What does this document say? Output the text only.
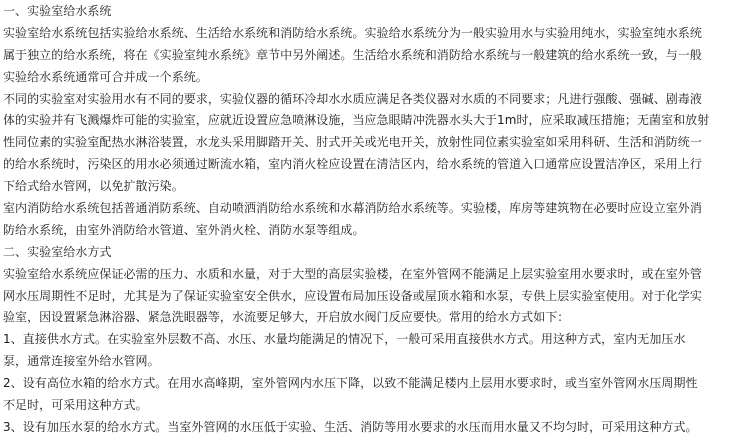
一、实验室给水系统
实验室给水系统包括实验给水系统、生活给水系统和消防给水系统。实验给水系统分为一般实验用水与实验用纯水，实验室纯水系统
属于独立的给水系统，将在《实验室纯水系统》章节中另外阐述。生活给水系统和消防给水系统与一般建筑的给水系统一致，与一般
实验给水系统通常可合并成一个系统。
不同的实验室对实验用水有不同的要求，实验仪器的循环冷却水水质应满足各类仪器对水质的不同要求；凡进行强酸、强碱、剧毒液
体的实验并有飞溅爆炸可能的实验室，应就近设置应急喷淋设施，当应急眼睛冲洗器水头大于1m时，应采取减压措施；无菌室和放射
性同位素的实验室配热水淋浴装置，水龙头采用脚踏开关、肘式开关或光电开关，放射性同位素实验室如采用科研、生活和消防统一
的给水系统时，污染区的用水必须通过断流水箱，室内消火栓应设置在清洁区内，给水系统的管道入口通常应设置洁净区，采用上行
下给式给水管网，以免扩散污染。
室内消防给水系统包括普通消防系统、自动喷洒消防给水系统和水幕消防给水系统等。实验楼，库房等建筑物在必要时应设立室外消
防给水系统，由室外消防给水管道、室外消火栓、消防水泵等组成。
二、实验室给水方式
实验室给水系统应保证必需的压力、水质和水量，对于大型的高层实验楼，在室外管网不能满足上层实验室用水要求时，或在室外管
网水压周期性不足时，尤其是为了保证实验室安全供水，应设置布局加压设备或屋顶水箱和水泵，专供上层实验室使用。对于化学实
验室，因设置紧急淋浴器、紧急洗眼器等，水流要足够大，开启放水阀门反应要快。常用的给水方式如下：
1、直接供水方式。在实验室外层数不高、水压、水量均能满足的情况下，一般可采用直接供水方式。用这种方式，室内无加压水
泵，通常连接室外给水管网。
2、设有高位水箱的给水方式。在用水高峰期，室外管网内水压下降，以致不能满足楼内上层用水要求时，或当室外管网水压周期性
不足时，可采用这种方式。
3、设有加压水泵的给水方式。当室外管网的水压低于实验、生活、消防等用水要求的水压而用水量又不均匀时，可采用这种方式。
